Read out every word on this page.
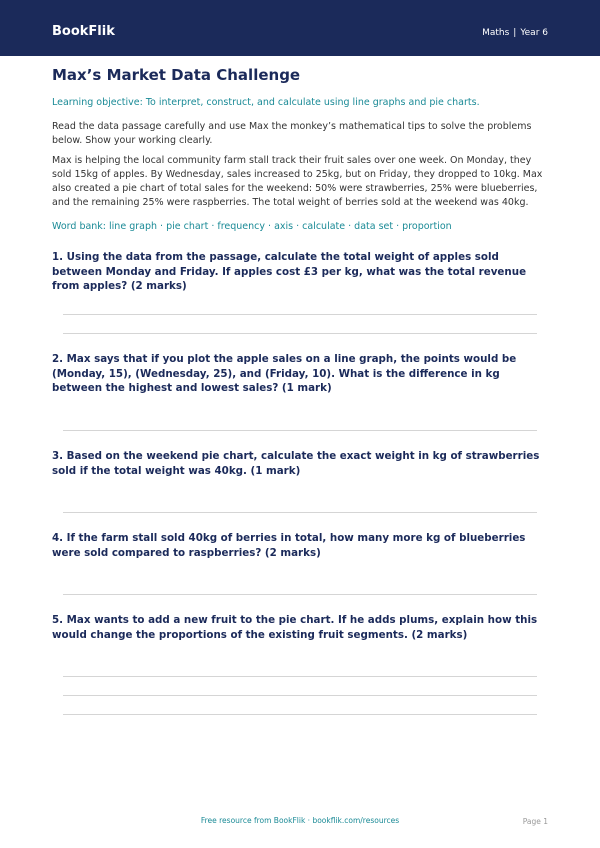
BookFlik	Maths | Year 6
Max’s Market Data Challenge
Learning objective: To interpret, construct, and calculate using line graphs and pie charts.
Read the data passage carefully and use Max the monkey’s mathematical tips to solve the problems below. Show your working clearly.
Max is helping the local community farm stall track their fruit sales over one week. On Monday, they sold 15kg of apples. By Wednesday, sales increased to 25kg, but on Friday, they dropped to 10kg. Max also created a pie chart of total sales for the weekend: 50% were strawberries, 25% were blueberries, and the remaining 25% were raspberries. The total weight of berries sold at the weekend was 40kg.
Word bank: line graph · pie chart · frequency · axis · calculate · data set · proportion
1. Using the data from the passage, calculate the total weight of apples sold between Monday and Friday. If apples cost £3 per kg, what was the total revenue from apples? (2 marks)
2. Max says that if you plot the apple sales on a line graph, the points would be (Monday, 15), (Wednesday, 25), and (Friday, 10). What is the difference in kg between the highest and lowest sales? (1 mark)
3. Based on the weekend pie chart, calculate the exact weight in kg of strawberries sold if the total weight was 40kg. (1 mark)
4. If the farm stall sold 40kg of berries in total, how many more kg of blueberries were sold compared to raspberries? (2 marks)
5. Max wants to add a new fruit to the pie chart. If he adds plums, explain how this would change the proportions of the existing fruit segments. (2 marks)
Free resource from BookFlik · bookflik.com/resources	Page 1
